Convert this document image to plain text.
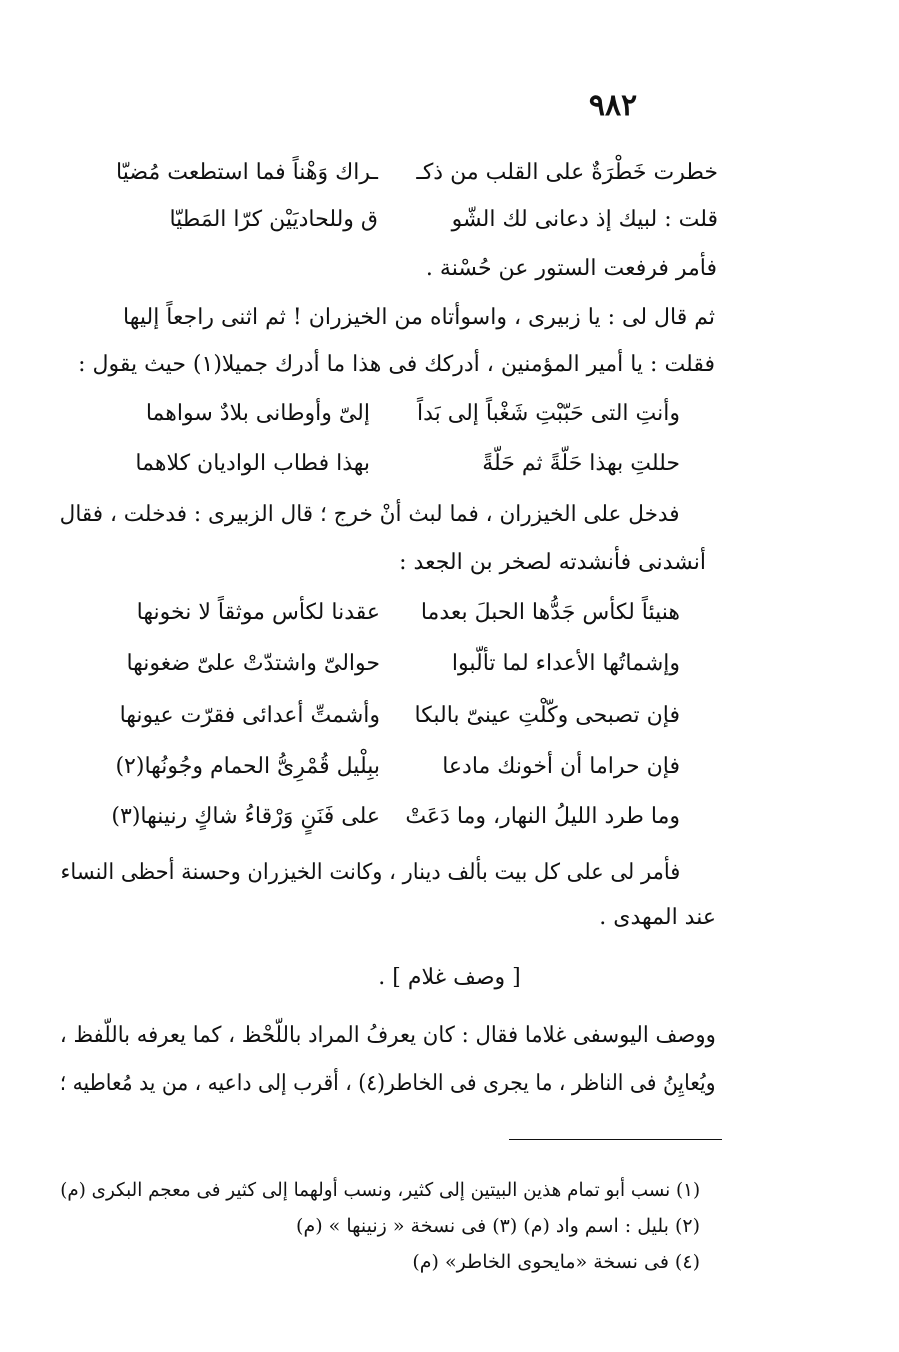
٩٨٢
خطرت خَطْرَةٌ على القلب من ذكـ
ـراك وَهْناً فما استطعت مُضيّا
قلت : لبيك إذ دعانى لك الشّو
ق وللحاديَيْن كرّا المَطيّا
فأمر فرفعت الستور عن حُسْنة .
ثم قال لى : يا زبيرى ، واسوأتاه من الخيزران ! ثم اثنى راجعاً إليها
فقلت : يا أمير المؤمنين ، أدركك فى هذا ما أدرك جميلا(١) حيث يقول :
وأنتِ التى حَبّبْتِ شَغْباً إلى بَداً
إلىّ وأوطانى بلادٌ سواهما
حللتِ بهذا حَلّةً ثم حَلّةً
بهذا فطاب الواديان كلاهما
فدخل على الخيزران ، فما لبث أنْ خرج ؛ قال الزبيرى : فدخلت ، فقال
أنشدنى فأنشدته لصخر بن الجعد :
هنيئاً لكأس جَدُّها الحبلَ بعدما
عقدنا لكأس موثقاً لا نخونها
وإشماتُها الأعداء لما تألّبوا
حوالىّ واشتدّتْ علىّ ضغونها
فإن تصبحى وكّلْتِ عينىّ بالبكا
وأشمتِّ أعدائى فقرّت عيونها
فإن حراما أن أخونك مادعا
ببِلْيل قُمْرِىُّ الحمام وجُونُها(٢)
وما طرد الليلُ النهار، وما دَعَتْ
على فَنَنٍ وَرْقاءُ شاكٍ رنينها(٣)
فأمر لى على كل بيت بألف دينار ، وكانت الخيزران وحسنة أحظى النساء
عند المهدى .
[ وصف غلام ] .
ووصف اليوسفى غلاما فقال : كان يعرفُ المراد باللّحْظ ، كما يعرفه باللّفظ ،
ويُعايِنُ فى الناظر ، ما يجرى فى الخاطر(٤) ، أقرب إلى داعيه ، من يد مُعاطيه ؛
(١) نسب أبو تمام هذين البيتين إلى كثير، ونسب أولهما إلى كثير فى معجم البكرى (م)
(٢) بليل : اسم واد (م) (٣) فى نسخة « زنينها » (م)
(٤) فى نسخة «مايحوى الخاطر» (م)
